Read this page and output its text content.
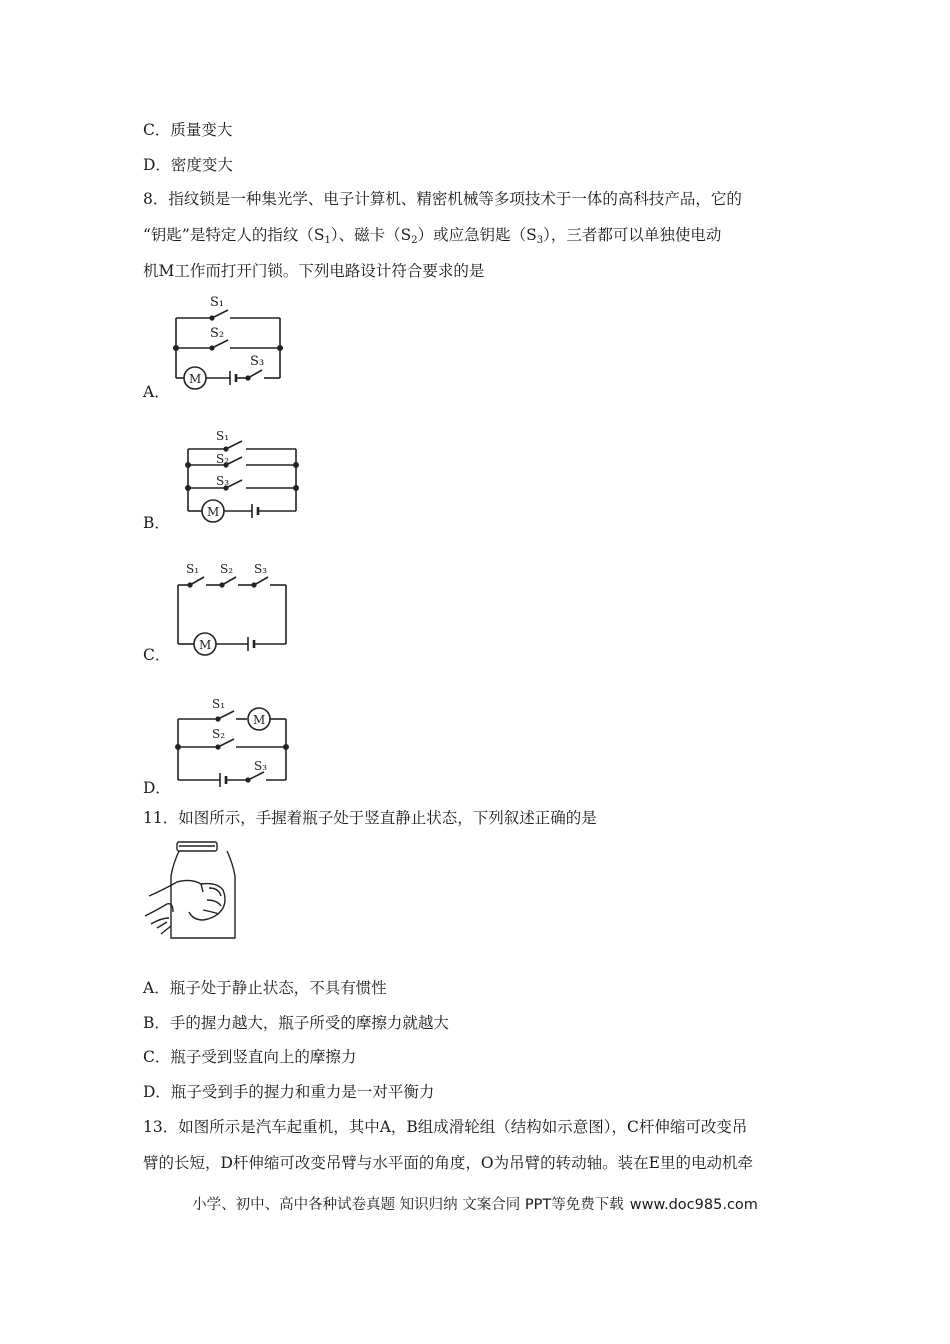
C．质量变大
D．密度变大
8．指纹锁是一种集光学、电子计算机、精密机械等多项技术于一体的高科技产品，它的
“钥匙”是特定人的指纹$(S_1)$、磁卡$(S_2)$或应急钥匙$(S_3)$，三者都可以单独使电动
机M工作而打开门锁。下列电路设计符合要求的是
A．
S₁
S₂
S₃
M
B．
S₁
S₂
S₃
M
C．
S₁ S₂ S₃
M
D．
S₁
S₂
S₃
M
11．如图所示，手握着瓶子处于竖直静止状态，下列叙述正确的是
A．瓶子处于静止状态，不具有惯性
B．手的握力越大，瓶子所受的摩擦力就越大
C．瓶子受到竖直向上的摩擦力
D．瓶子受到手的握力和重力是一对平衡力
13．如图所示是汽车起重机，其中A，B组成滑轮组（结构如示意图），C杆伸缩可改变吊
臂的长短，D杆伸缩可改变吊臂与水平面的角度，O为吊臂的转动轴。装在E里的电动机牵
小学、初中、高中各种试卷真题 知识归纳 文案合同 PPT等免费下载 www.doc985.com
